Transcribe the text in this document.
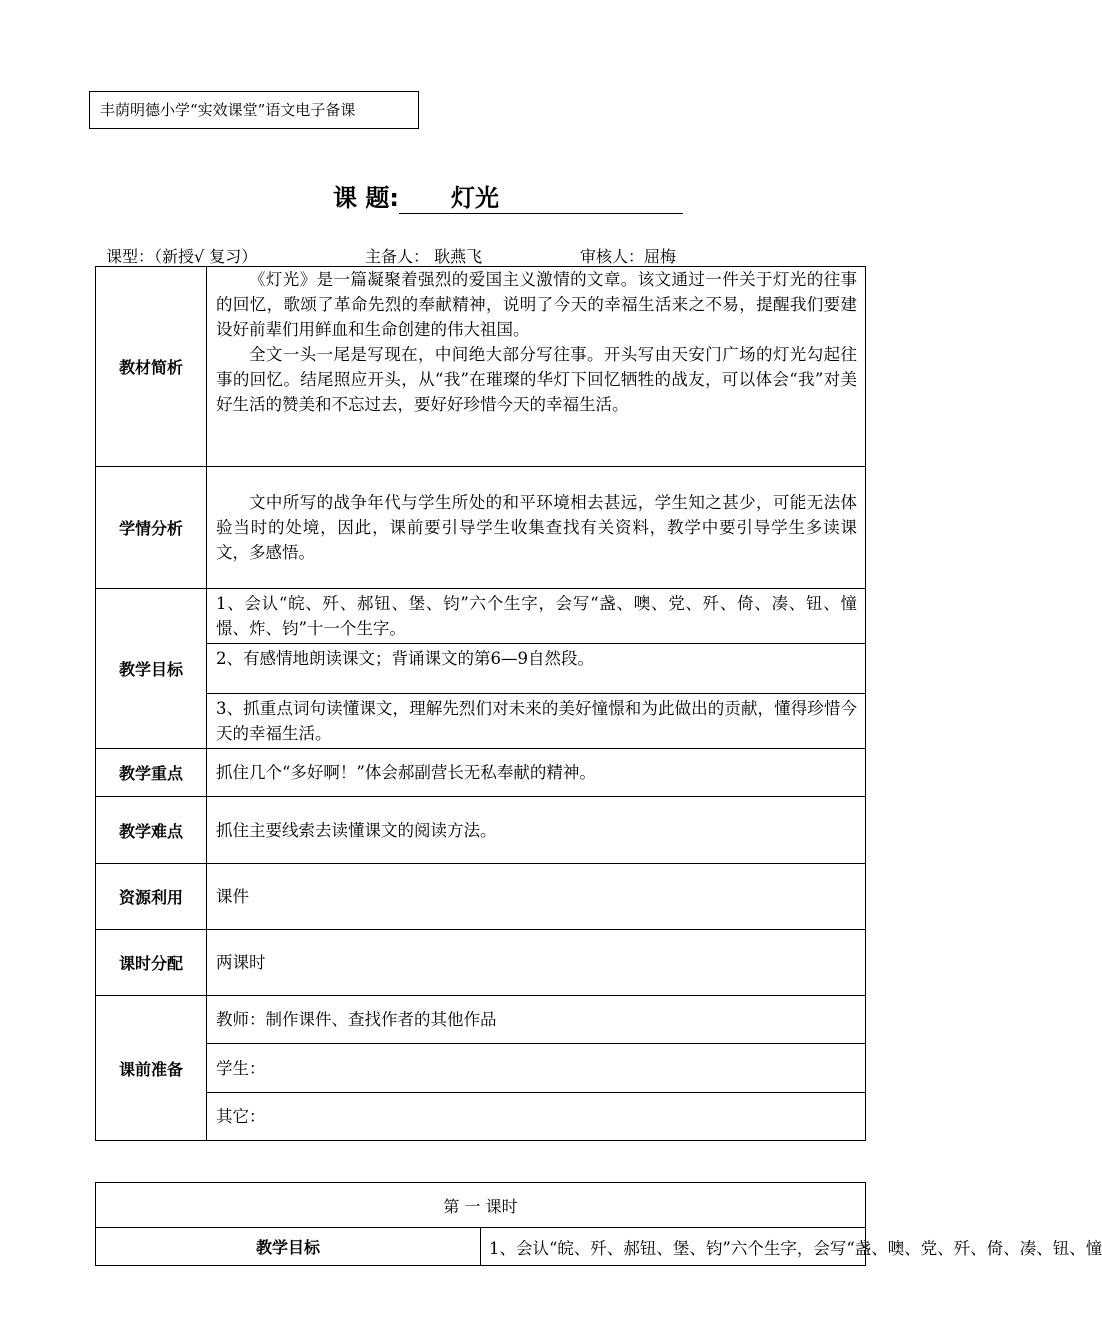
丰荫明德小学“实效课堂”语文电子备课
课 题: 灯光
课型：（新授√ 复习）	主备人： 耿燕飞	审核人：屈梅
教材简析	《灯光》是一篇凝聚着强烈的爱国主义激情的文章。该文通过一件关于灯光的往事的回忆，歌颂了革命先烈的奉献精神，说明了今天的幸福生活来之不易，提醒我们要建设好前辈们用鲜血和生命创建的伟大祖国。
全文一头一尾是写现在，中间绝大部分写往事。开头写由天安门广场的灯光勾起往事的回忆。结尾照应开头，从“我”在璀璨的华灯下回忆牺牲的战友，可以体会“我”对美好生活的赞美和不忘过去，要好好珍惜今天的幸福生活。

学情分析	文中所写的战争年代与学生所处的和平环境相去甚远，学生知之甚少，可能无法体验当时的处境，因此，课前要引导学生收集查找有关资料，教学中要引导学生多读课文，多感悟。

教学目标	1、会认“皖、歼、郝钮、堡、钧”六个生字，会写“盏、噢、党、歼、倚、凑、钮、憧憬、炸、钧”十一个生字。
	2、有感情地朗读课文；背诵课文的第6—9自然段。
	3、抓重点词句读懂课文，理解先烈们对未来的美好憧憬和为此做出的贡献，懂得珍惜今天的幸福生活。
教学重点	抓住几个“多好啊！”体会郝副营长无私奉献的精神。
教学难点	抓住主要线索去读懂课文的阅读方法。
资源利用	课件
课时分配	两课时
课前准备	教师：制作课件、查找作者的其他作品
	学生：
	其它：
第 一 课时
教学目标	1、会认“皖、歼、郝钮、堡、钧”六个生字，会写“盏、噢、党、歼、倚、凑、钮、憧
